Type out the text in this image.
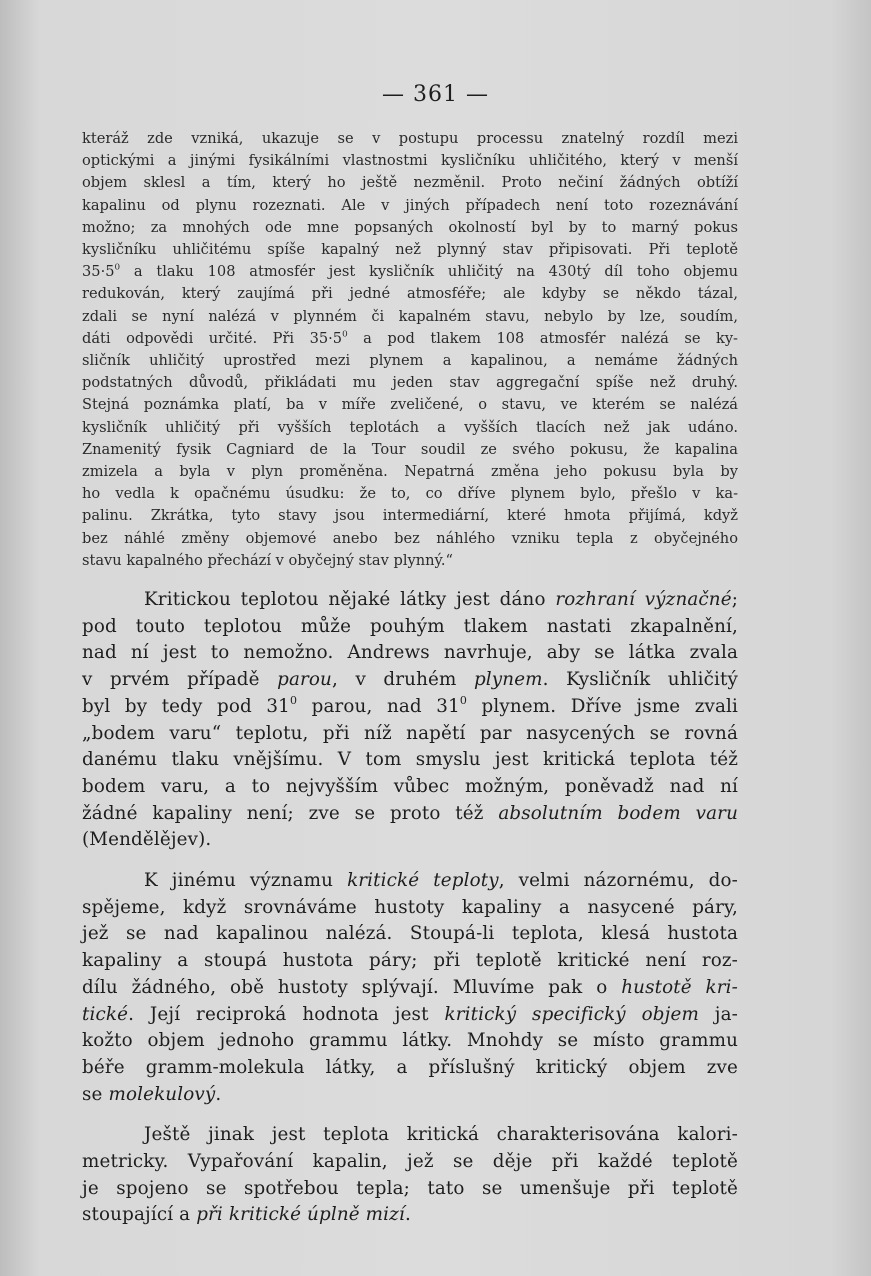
— 361 —
kteráž zde vzniká, ukazuje se v postupu processu znatelný rozdíl mezi
optickými a jinými fysikálními vlastnostmi kysličníku uhličitého, který v menší
objem sklesl a tím, který ho ještě nezměnil. Proto nečiní žádných obtíží
kapalinu od plynu rozeznati. Ale v jiných případech není toto rozeznávání
možno; za mnohých ode mne popsaných okolností byl by to marný pokus
kysličníku uhličitému spíše kapalný než plynný stav připisovati. Při teplotě
$35\cdot 5^0$ a tlaku 108 atmosfér jest kysličník uhličitý na 430tý díl toho objemu
redukován, který zaujímá při jedné atmosféře; ale kdyby se někdo tázal,
zdali se nyní nalézá v plynném či kapalném stavu, nebylo by lze, soudím,
dáti odpovědi určité. Při $35\cdot 5^0$ a pod tlakem 108 atmosfér nalézá se ky-
sličník uhličitý uprostřed mezi plynem a kapalinou, a nemáme žádných
podstatných důvodů, přikládati mu jeden stav aggregační spíše než druhý.
Stejná poznámka platí, ba v míře zveličené, o stavu, ve kterém se nalézá
kysličník uhličitý při vyšších teplotách a vyšších tlacích než jak udáno.
Znamenitý fysik Cagniard de la Tour soudil ze svého pokusu, že kapalina
zmizela a byla v plyn proměněna. Nepatrná změna jeho pokusu byla by
ho vedla k opačnému úsudku: že to, co dříve plynem bylo, přešlo v ka-
palinu. Zkrátka, tyto stavy jsou intermediární, které hmota přijímá, když
bez náhlé změny objemové anebo bez náhlého vzniku tepla z obyčejného
stavu kapalného přechází v obyčejný stav plynný.“
Kritickou teplotou nějaké látky jest dáno rozhraní význačné;
pod touto teplotou může pouhým tlakem nastati zkapalnění,
nad ní jest to nemožno. Andrews navrhuje, aby se látka zvala
v prvém případě parou, v druhém plynem. Kysličník uhličitý
byl by tedy pod $31^0$ parou, nad $31^0$ plynem. Dříve jsme zvali
„bodem varu“ teplotu, při níž napětí par nasycených se rovná
danému tlaku vnějšímu. V tom smyslu jest kritická teplota též
bodem varu, a to nejvyšším vůbec možným, poněvadž nad ní
žádné kapaliny není; zve se proto též absolutním bodem varu
(Mendělějev).
K jinému významu kritické teploty, velmi názornému, do-
spějeme, když srovnáváme hustoty kapaliny a nasycené páry,
jež se nad kapalinou nalézá. Stoupá-li teplota, klesá hustota
kapaliny a stoupá hustota páry; při teplotě kritické není roz-
dílu žádného, obě hustoty splývají. Mluvíme pak o hustotě kri-
tické. Její reciproká hodnota jest kritický specifický objem ja-
kožto objem jednoho grammu látky. Mnohdy se místo grammu
béře gramm-molekula látky, a příslušný kritický objem zve
se molekulový.
Ještě jinak jest teplota kritická charakterisována kalori-
metricky. Vypařování kapalin, jež se děje při každé teplotě
je spojeno se spotřebou tepla; tato se umenšuje při teplotě
stoupající a při kritické úplně mizí.
